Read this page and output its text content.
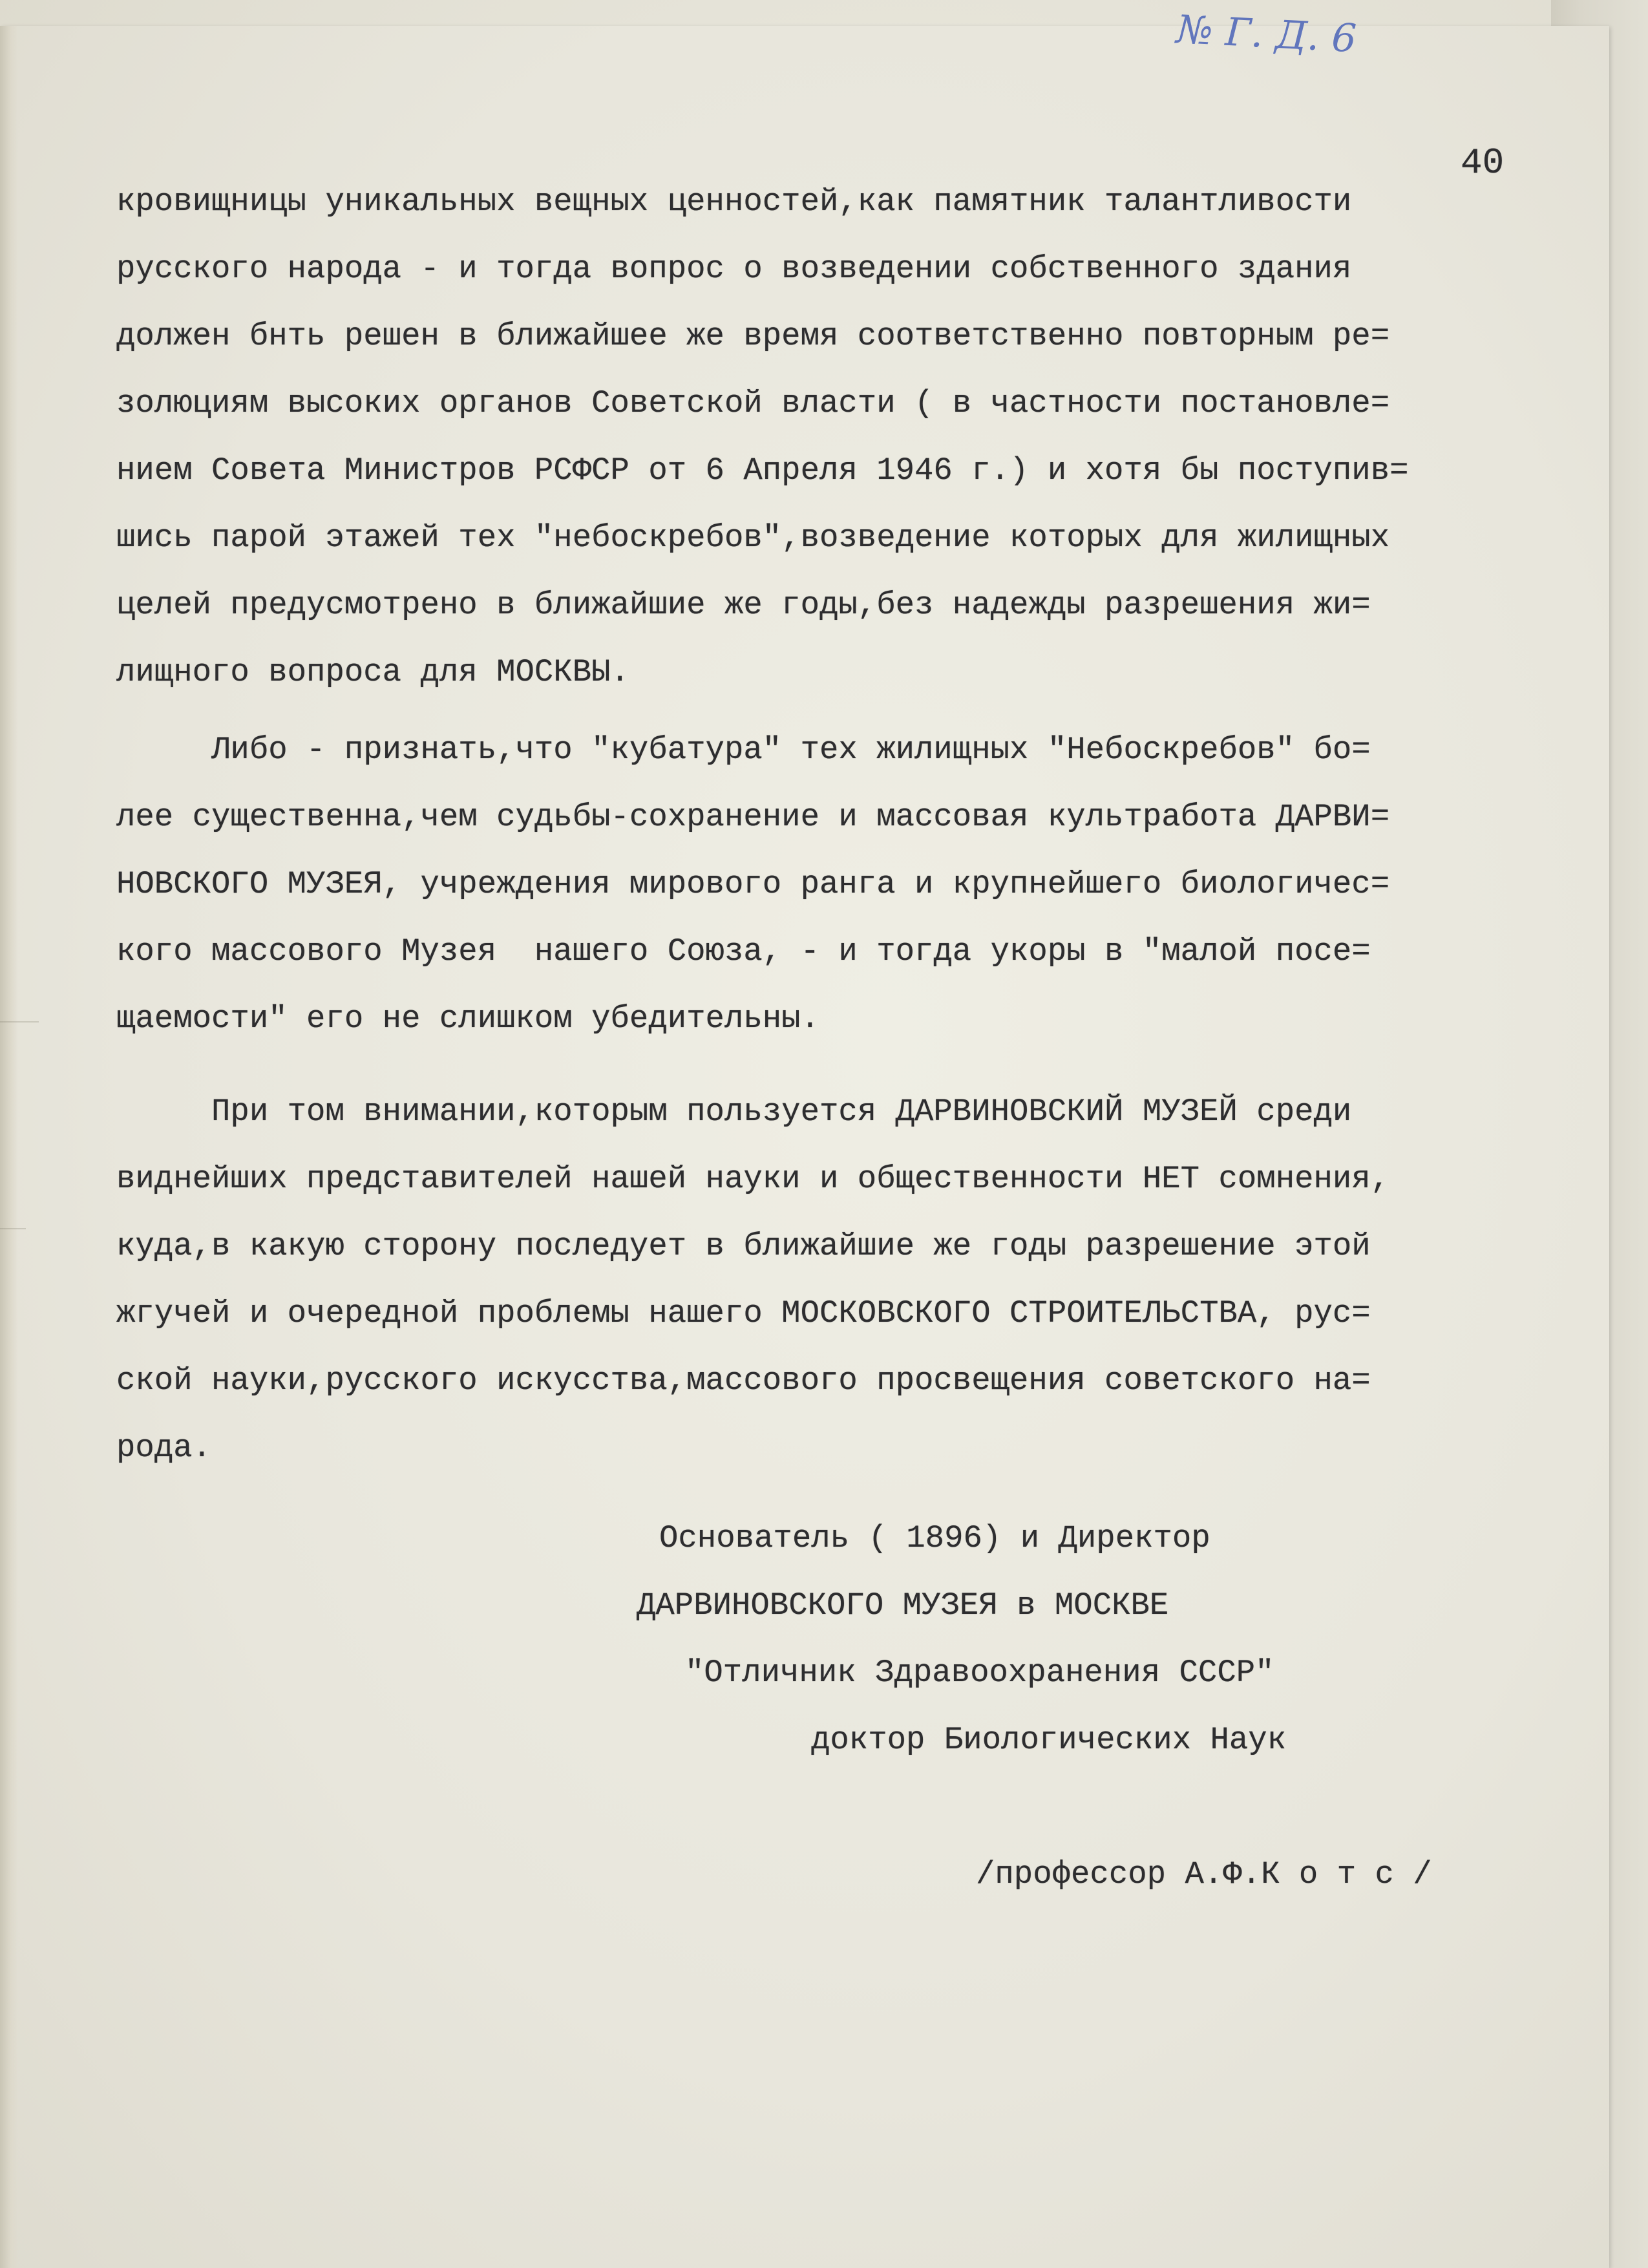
№ Г. Д. 6
40
кровищницы уникальных вещных ценностей,как памятник талантливости
русского народа - и тогда вопрос о возведении собственного здания
должен бнть решен в ближайшее же время соответственно повторным ре=
золюциям высоких органов Советской власти ( в частности постановле=
нием Совета Министров РСФСР от 6 Апреля 1946 г.) и хотя бы поступив=
шись парой этажей тех "небоскребов",возведение которых для жилищных
целей предусмотрено в ближайшие же годы,без надежды разрешения жи=
лищного вопроса для МОСКВЫ.
Либо - признать,что "кубатура" тех жилищных "Небоскребов" бо=
лее существенна,чем судьбы-сохранение и массовая культработа ДАРВИ=
НОВСКОГО МУЗЕЯ, учреждения мирового ранга и крупнейшего биологичес=
кого массового Музея  нашего Союза, - и тогда укоры в "малой посе=
щаемости" его не слишком убедительны.
При том внимании,которым пользуется ДАРВИНОВСКИЙ МУЗЕЙ среди
виднейших представителей нашей науки и общественности НЕТ сомнения,
куда,в какую сторону последует в ближайшие же годы разрешение этой
жгучей и очередной проблемы нашего МОСКОВСКОГО СТРОИТЕЛЬСТВА, рус=
ской науки,русского искусства,массового просвещения советского на=
рода.
Основатель ( 1896) и Директор
ДАРВИНОВСКОГО МУЗЕЯ в МОСКВЕ
"Отличник Здравоохранения СССР"
доктор Биологических Наук
/профессор А.Ф.К о т с /
